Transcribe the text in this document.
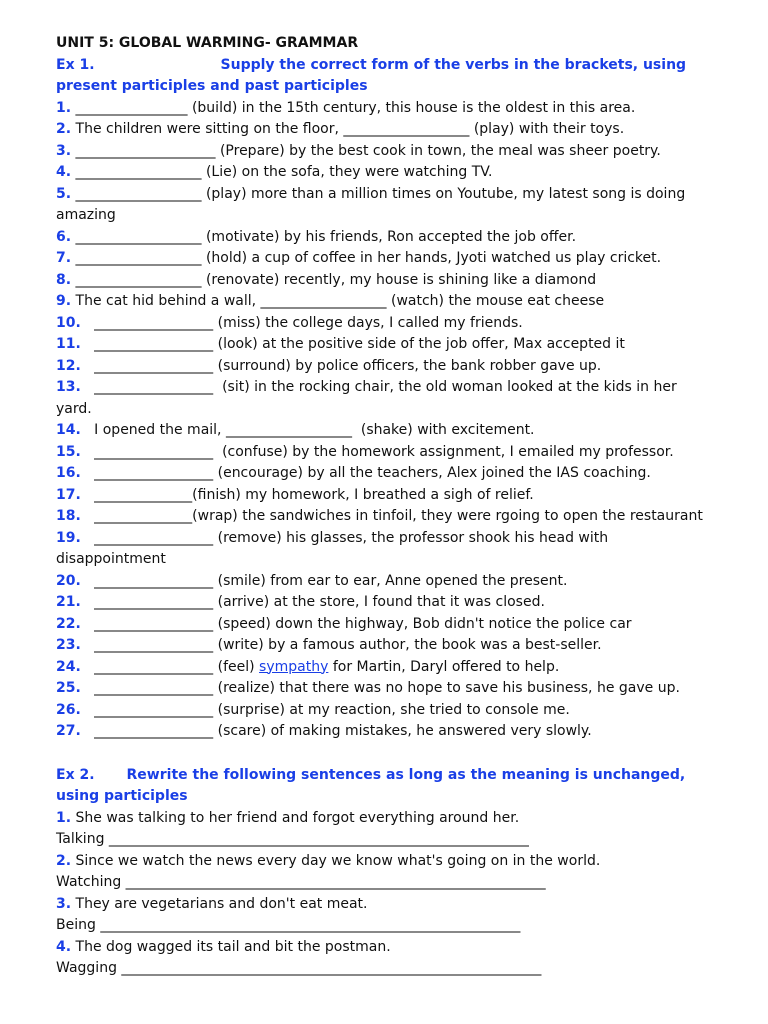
UNIT 5: GLOBAL WARMING- GRAMMAR
Ex 1.	Supply the correct form of the verbs in the brackets, using
present participles and past participles
1. ________________ (build) in the 15th century, this house is the oldest in this area.
2. The children were sitting on the floor, __________________ (play) with their toys.
3. ____________________ (Prepare) by the best cook in town, the meal was sheer poetry.
4. __________________ (Lie) on the sofa, they were watching TV.
5. __________________ (play) more than a million times on Youtube, my latest song is doing
amazing
6. __________________ (motivate) by his friends, Ron accepted the job offer.
7. __________________ (hold) a cup of coffee in her hands, Jyoti watched us play cricket.
8. __________________ (renovate) recently, my house is shining like a diamond
9. The cat hid behind a wall, __________________ (watch) the mouse eat cheese
10.   _________________ (miss) the college days, I called my friends.
11.   _________________ (look) at the positive side of the job offer, Max accepted it
12.   _________________ (surround) by police officers, the bank robber gave up.
13.   _________________  (sit) in the rocking chair, the old woman looked at the kids in her
yard.
14.   I opened the mail, __________________  (shake) with excitement.
15.   _________________  (confuse) by the homework assignment, I emailed my professor.
16.   _________________ (encourage) by all the teachers, Alex joined the IAS coaching.
17.   ______________(finish) my homework, I breathed a sigh of relief.
18.   ______________(wrap) the sandwiches in tinfoil, they were rgoing to open the restaurant
19.   _________________ (remove) his glasses, the professor shook his head with
disappointment
20.   _________________ (smile) from ear to ear, Anne opened the present.
21.   _________________ (arrive) at the store, I found that it was closed.
22.   _________________ (speed) down the highway, Bob didn't notice the police car
23.   _________________ (write) by a famous author, the book was a best-seller.
24.   _________________ (feel) sympathy for Martin, Daryl offered to help.
25.   _________________ (realize) that there was no hope to save his business, he gave up.
26.   _________________ (surprise) at my reaction, she tried to console me.
27.   _________________ (scare) of making mistakes, he answered very slowly.
Ex 2. Rewrite the following sentences as long as the meaning is unchanged,
using participles
1. She was talking to her friend and forgot everything around her.
Talking ____________________________________________________________
2. Since we watch the news every day we know what's going on in the world.
Watching ____________________________________________________________
3. They are vegetarians and don't eat meat.
Being ____________________________________________________________
4. The dog wagged its tail and bit the postman.
Wagging ____________________________________________________________
